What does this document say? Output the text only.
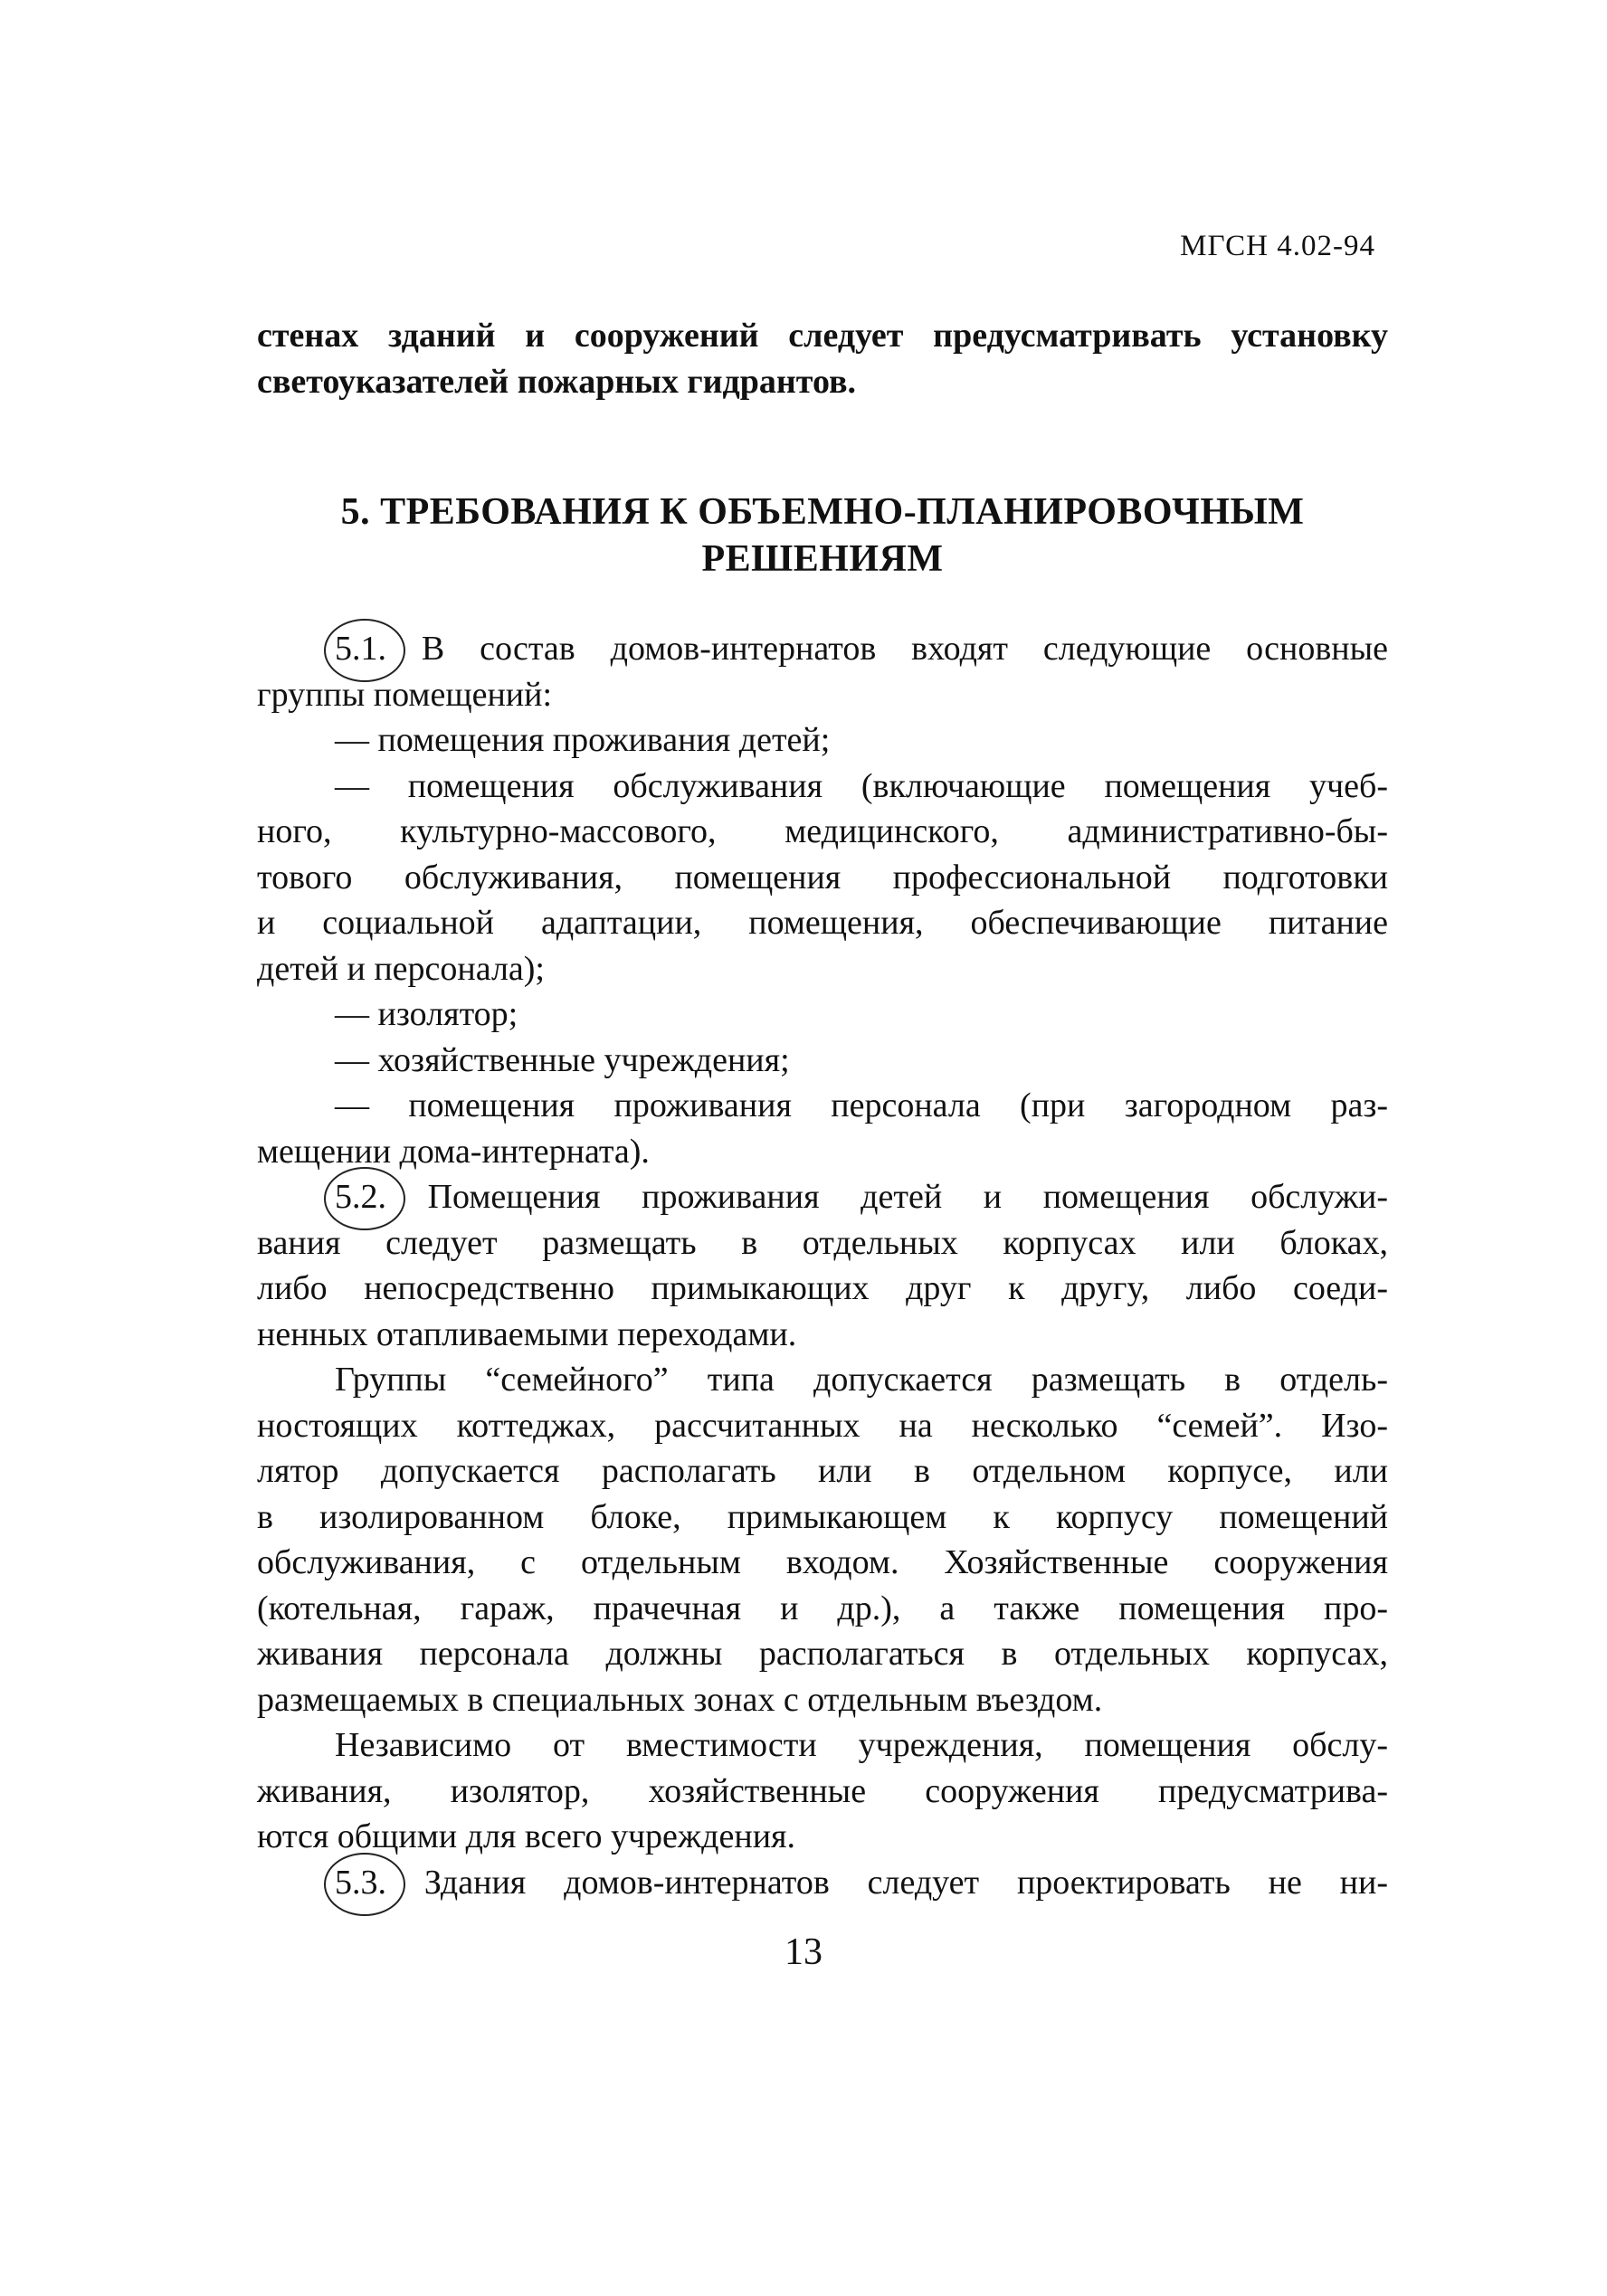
МГСН 4.02-94
стенах зданий и сооружений следует предусматривать установку
светоуказателей пожарных гидрантов.
5. ТРЕБОВАНИЯ К ОБЪЕМНО-ПЛАНИРОВОЧНЫМ
РЕШЕНИЯМ
5.1. В состав домов-интернатов входят следующие основные
группы помещений:
— помещения проживания детей;
— помещения обслуживания (включающие помещения учеб-
ного, культурно-массового, медицинского, административно-бы-
тового обслуживания, помещения профессиональной подготовки
и социальной адаптации, помещения, обеспечивающие питание
детей и персонала);
— изолятор;
— хозяйственные учреждения;
— помещения проживания персонала (при загородном раз-
мещении дома-интерната).
5.2. Помещения проживания детей и помещения обслужи-
вания следует размещать в отдельных корпусах или блоках,
либо непосредственно примыкающих друг к другу, либо соеди-
ненных отапливаемыми переходами.
Группы “семейного” типа допускается размещать в отдель-
ностоящих коттеджах, рассчитанных на несколько “семей”. Изо-
лятор допускается располагать или в отдельном корпусе, или
в изолированном блоке, примыкающем к корпусу помещений
обслуживания, с отдельным входом. Хозяйственные сооружения
(котельная, гараж, прачечная и др.), а также помещения про-
живания персонала должны располагаться в отдельных корпусах,
размещаемых в специальных зонах с отдельным въездом.
Независимо от вместимости учреждения, помещения обслу-
живания, изолятор, хозяйственные сооружения предусматрива-
ются общими для всего учреждения.
5.3. Здания домов-интернатов следует проектировать не ни-
13
